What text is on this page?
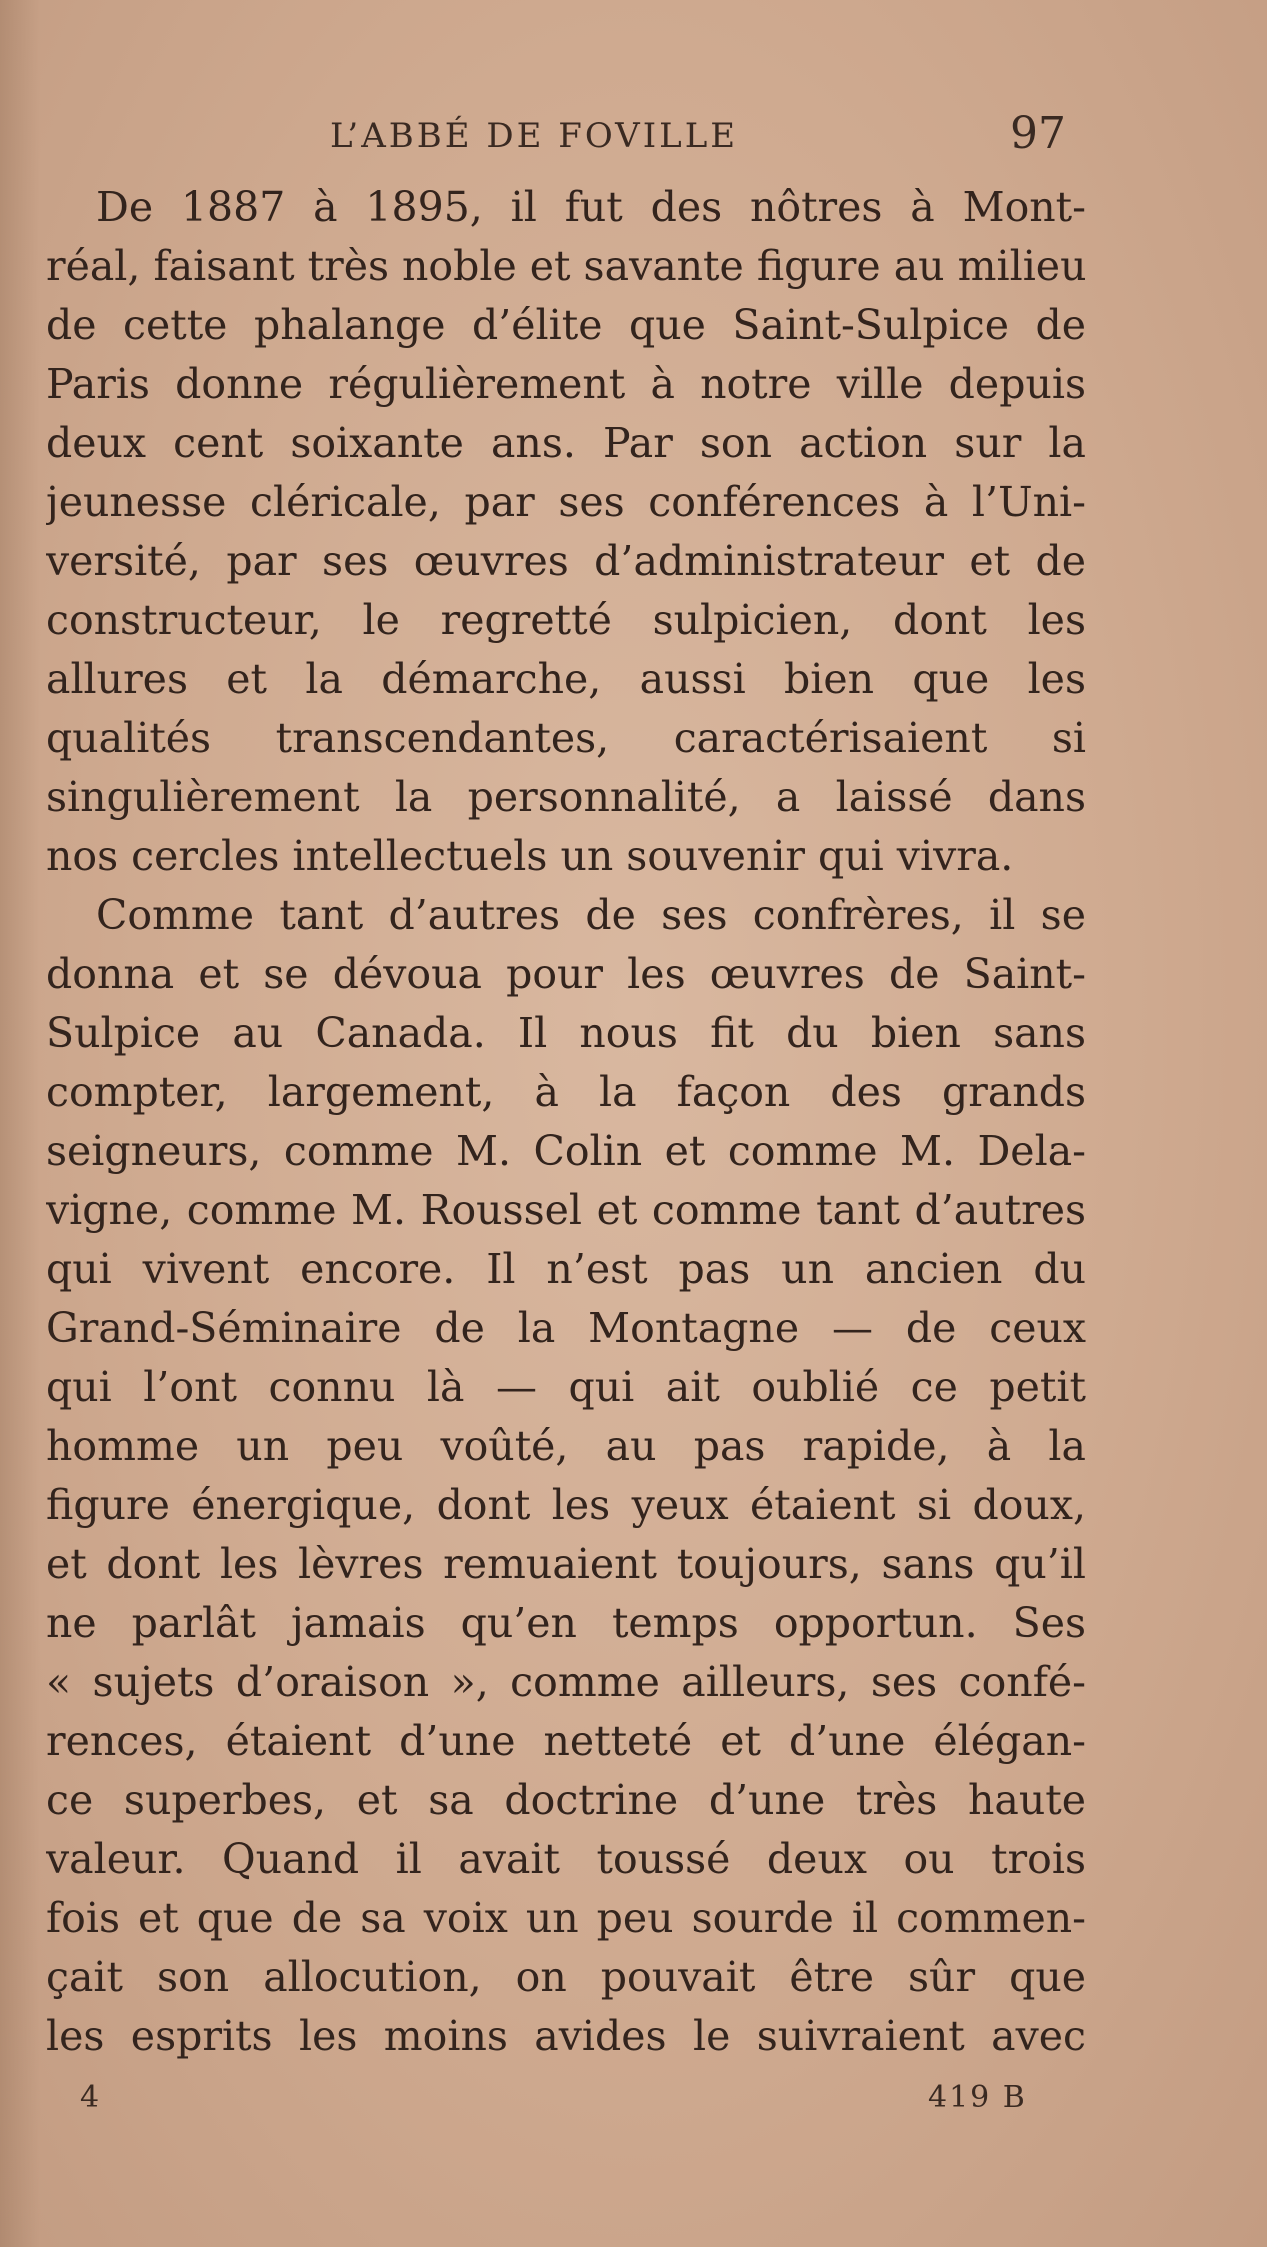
L’ABBÉ DE FOVILLE	97
De 1887 à 1895, il fut des nôtres à Mont-
réal, faisant très noble et savante figure au milieu
de cette phalange d’élite que Saint-Sulpice de
Paris donne régulièrement à notre ville depuis
deux cent soixante ans. Par son action sur la
jeunesse cléricale, par ses conférences à l’Uni-
versité, par ses œuvres d’administrateur et de
constructeur, le regretté sulpicien, dont les
allures et la démarche, aussi bien que les
qualités transcendantes, caractérisaient si
singulièrement la personnalité, a laissé dans
nos cercles intellectuels un souvenir qui vivra.
Comme tant d’autres de ses confrères, il se
donna et se dévoua pour les œuvres de Saint-
Sulpice au Canada. Il nous fit du bien sans
compter, largement, à la façon des grands
seigneurs, comme M. Colin et comme M. Dela-
vigne, comme M. Roussel et comme tant d’autres
qui vivent encore. Il n’est pas un ancien du
Grand-Séminaire de la Montagne — de ceux
qui l’ont connu là — qui ait oublié ce petit
homme un peu voûté, au pas rapide, à la
figure énergique, dont les yeux étaient si doux,
et dont les lèvres remuaient toujours, sans qu’il
ne parlât jamais qu’en temps opportun. Ses
« sujets d’oraison », comme ailleurs, ses confé-
rences, étaient d’une netteté et d’une élégan-
ce superbes, et sa doctrine d’une très haute
valeur. Quand il avait toussé deux ou trois
fois et que de sa voix un peu sourde il commen-
çait son allocution, on pouvait être sûr que
les esprits les moins avides le suivraient avec
4	419 B
